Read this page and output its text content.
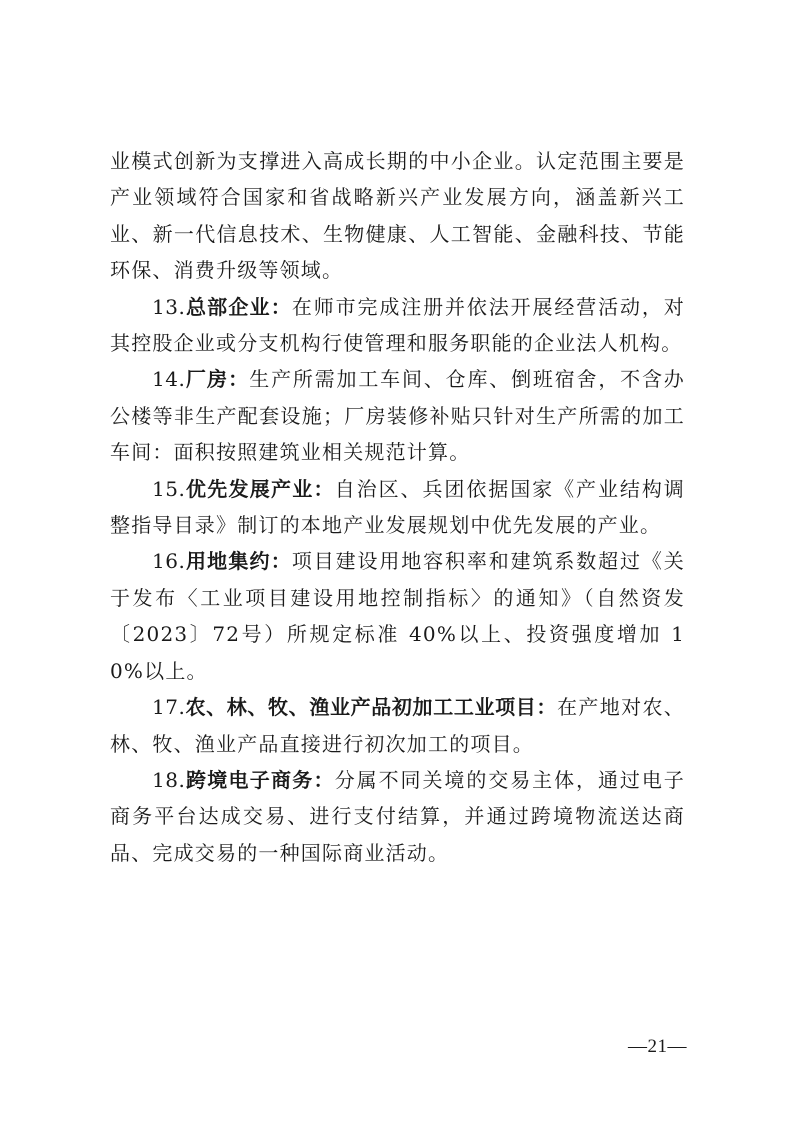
业模式创新为支撑进入高成长期的中小企业。认定范围主要是产业领域符合国家和省战略新兴产业发展方向，涵盖新兴工业、新一代信息技术、生物健康、人工智能、金融科技、节能环保、消费升级等领域。

13.总部企业：在师市完成注册并依法开展经营活动，对其控股企业或分支机构行使管理和服务职能的企业法人机构。

14.厂房：生产所需加工车间、仓库、倒班宿舍，不含办公楼等非生产配套设施；厂房装修补贴只针对生产所需的加工车间：面积按照建筑业相关规范计算。

15.优先发展产业：自治区、兵团依据国家《产业结构调整指导目录》制订的本地产业发展规划中优先发展的产业。

16.用地集约：项目建设用地容积率和建筑系数超过《关于发布〈工业项目建设用地控制指标〉的通知》（自然资发〔2023〕72号）所规定标准 40%以上、投资强度增加 10%以上。

17.农、林、牧、渔业产品初加工工业项目：在产地对农、林、牧、渔业产品直接进行初次加工的项目。

18.跨境电子商务：分属不同关境的交易主体，通过电子商务平台达成交易、进行支付结算，并通过跨境物流送达商品、完成交易的一种国际商业活动。

—21—
